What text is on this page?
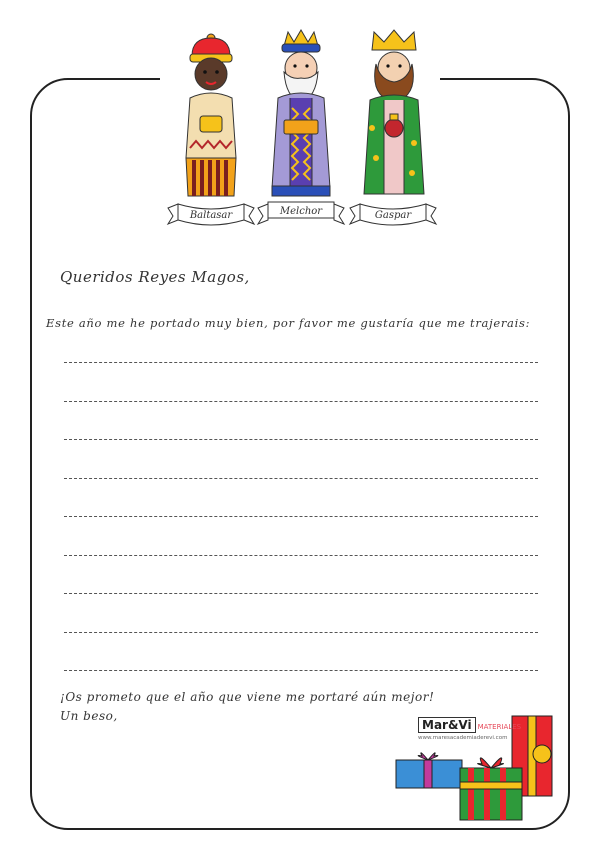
Baltasar	Melchor	Gaspar
Queridos Reyes Magos,
Este año me he portado muy bien, por favor me gustaría que me trajerais:
¡Os prometo que el año que viene me portaré aún mejor!
Un beso,
Mar&Vi MATERIALES
www.maresacademiaderevi.com
